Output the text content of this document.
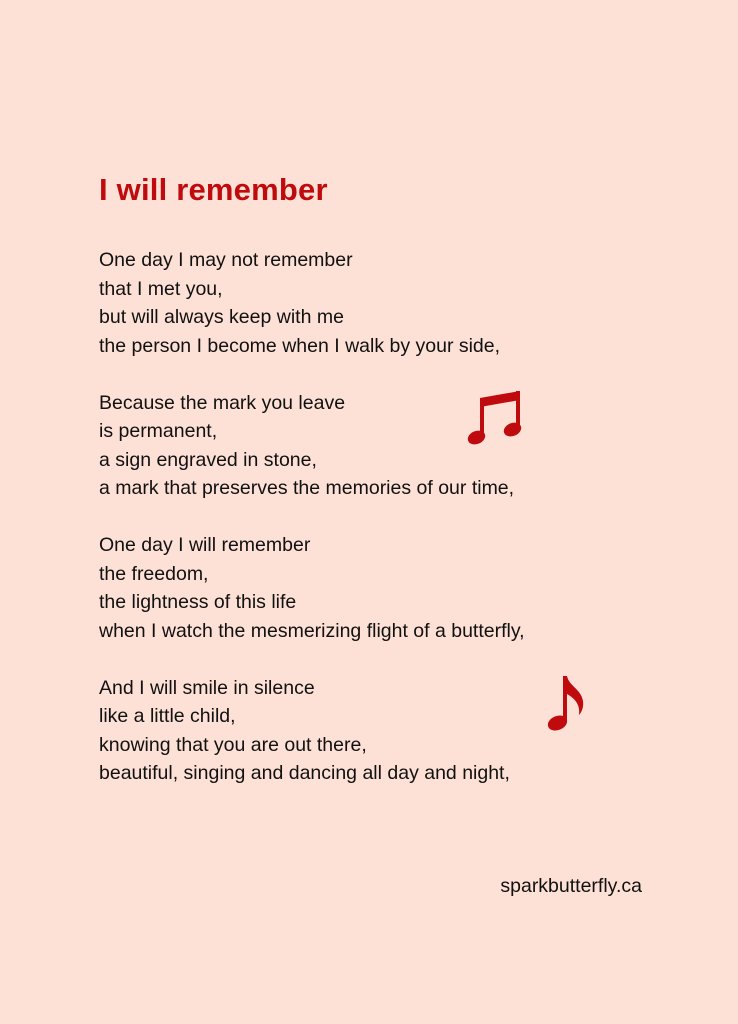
I will remember
One day I may not remember
that I met you,
but will always keep with me
the person I become when I walk by your side,
Because the mark you leave
is permanent,
a sign engraved in stone,
a mark that preserves the memories of our time,
One day I will remember
the freedom,
the lightness of this life
when I watch the mesmerizing flight of a butterfly,
And I will smile in silence
like a little child,
knowing that you are out there,
beautiful, singing and dancing all day and night,
sparkbutterfly.ca
